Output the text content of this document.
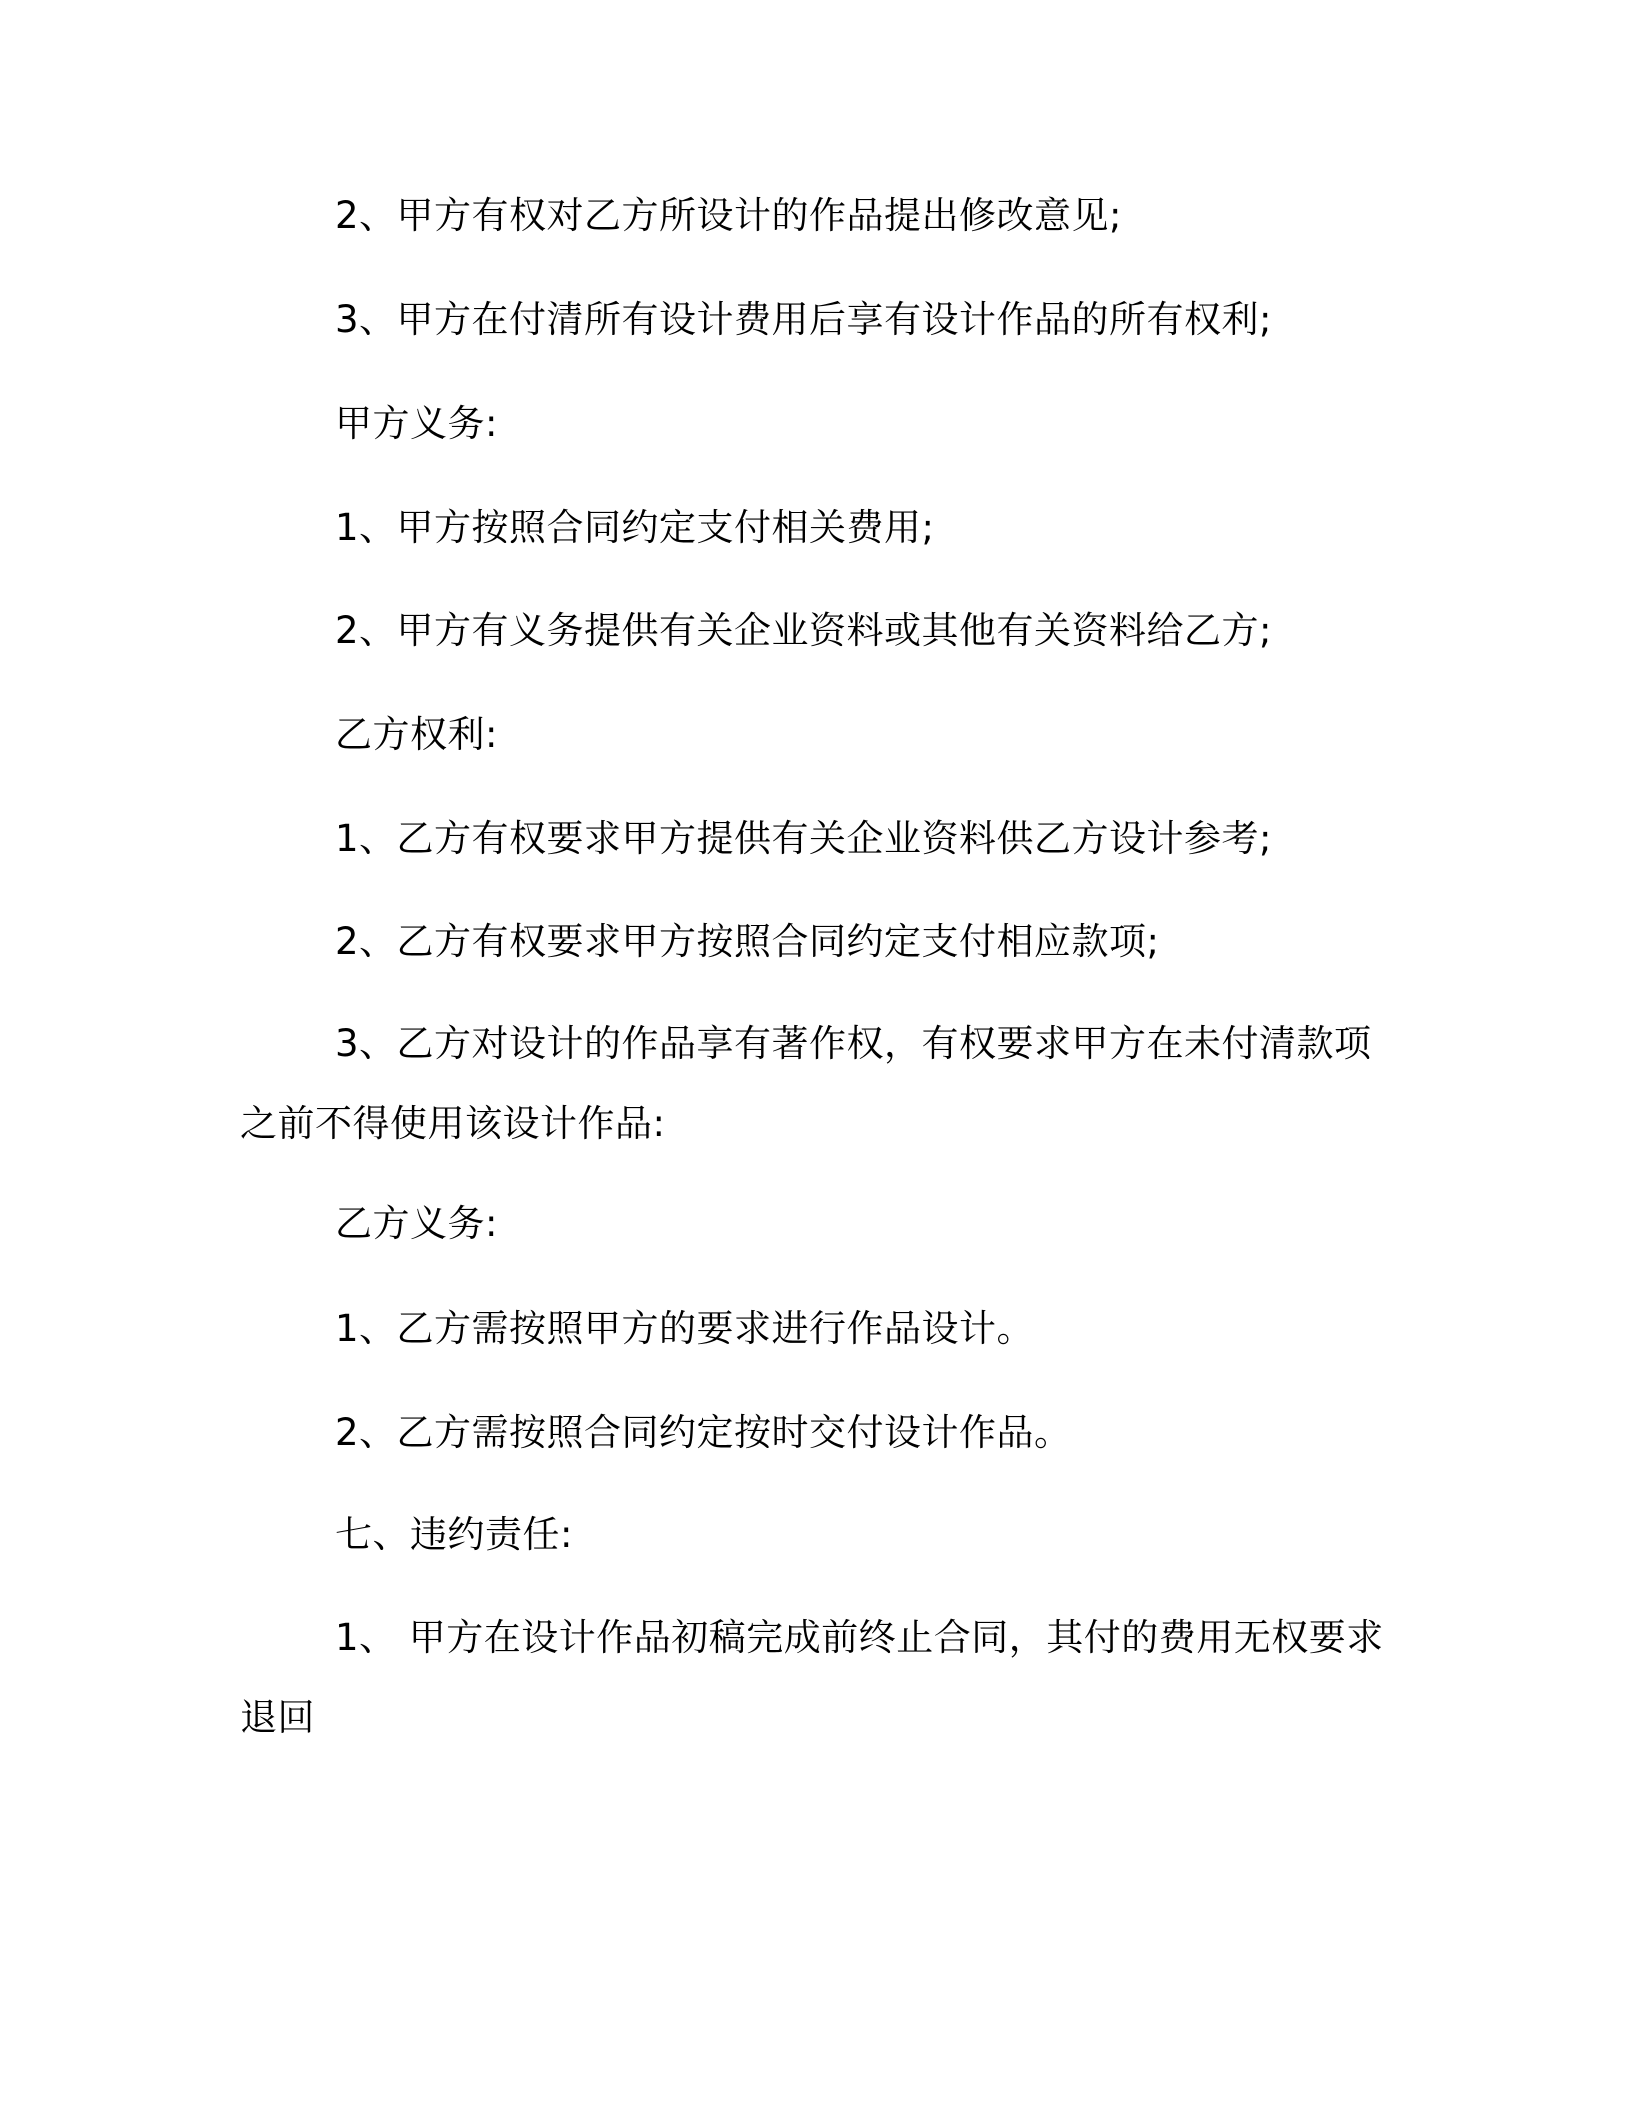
2、甲方有权对乙方所设计的作品提出修改意见;
3、甲方在付清所有设计费用后享有设计作品的所有权利;
甲方义务:
1、甲方按照合同约定支付相关费用;
2、甲方有义务提供有关企业资料或其他有关资料给乙方;
乙方权利:
1、乙方有权要求甲方提供有关企业资料供乙方设计参考;
2、乙方有权要求甲方按照合同约定支付相应款项;
3、乙方对设计的作品享有著作权，有权要求甲方在未付清款项
之前不得使用该设计作品:
乙方义务:
1、乙方需按照甲方的要求进行作品设计。
2、乙方需按照合同约定按时交付设计作品。
七、违约责任:
1、 甲方在设计作品初稿完成前终止合同，其付的费用无权要求
退回
